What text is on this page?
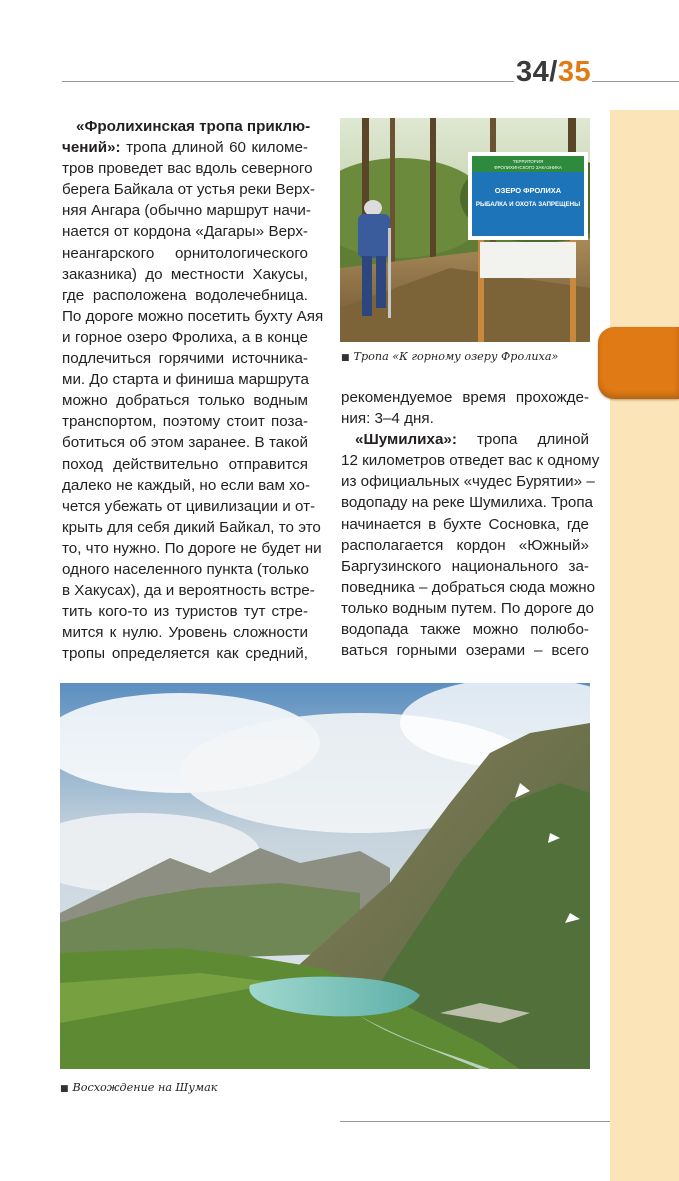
34/35

«Фролихинская тропа приклю-

чений»: тропа длиной 60 киломе-

тров проведет вас вдоль северного

берега Байкала от устья реки Верх-

няя Ангара (обычно маршрут начи-

нается от кордона «Дагары» Верх-

неангарского орнитологического

заказника) до местности Хакусы,

где расположена водолечебница.

По дороге можно посетить бухту Аяя

и горное озеро Фролиха, а в конце

подлечиться горячими источника-

ми. До старта и финиша маршрута

можно добраться только водным

транспортом, поэтому стоит поза-

ботиться об этом заранее. В такой

поход действительно отправится

далеко не каждый, но если вам хо-

чется убежать от цивилизации и от-

крыть для себя дикий Байкал, то это

то, что нужно. По дороге не будет ни

одного населенного пункта (только

в Хакусах), да и вероятность встре-

тить кого-то из туристов тут стре-

мится к нулю. Уровень сложности

тропы определяется как средний,

ТЕРРИТОРИЯ
ФРОЛИХИНСКОГО ЗАКАЗНИКА
ОЗЕРО ФРОЛИХА
РЫБАЛКА И ОХОТА ЗАПРЕЩЕНЫ
■ Тропа «К горному озеру Фролиха»

рекомендуемое время прохожде-

ния: 3–4 дня.

«Шумилиха»: тропа длиной

12 километров отведет вас к одному

из официальных «чудес Бурятии» –

водопаду на реке Шумилиха. Тропа

начинается в бухте Сосновка, где

располагается кордон «Южный»

Баргузинского национального за-

поведника – добраться сюда можно

только водным путем. По дороге до

водопада также можно полюбо-

ваться горными озерами – всего

■ Восхождение на Шумак
